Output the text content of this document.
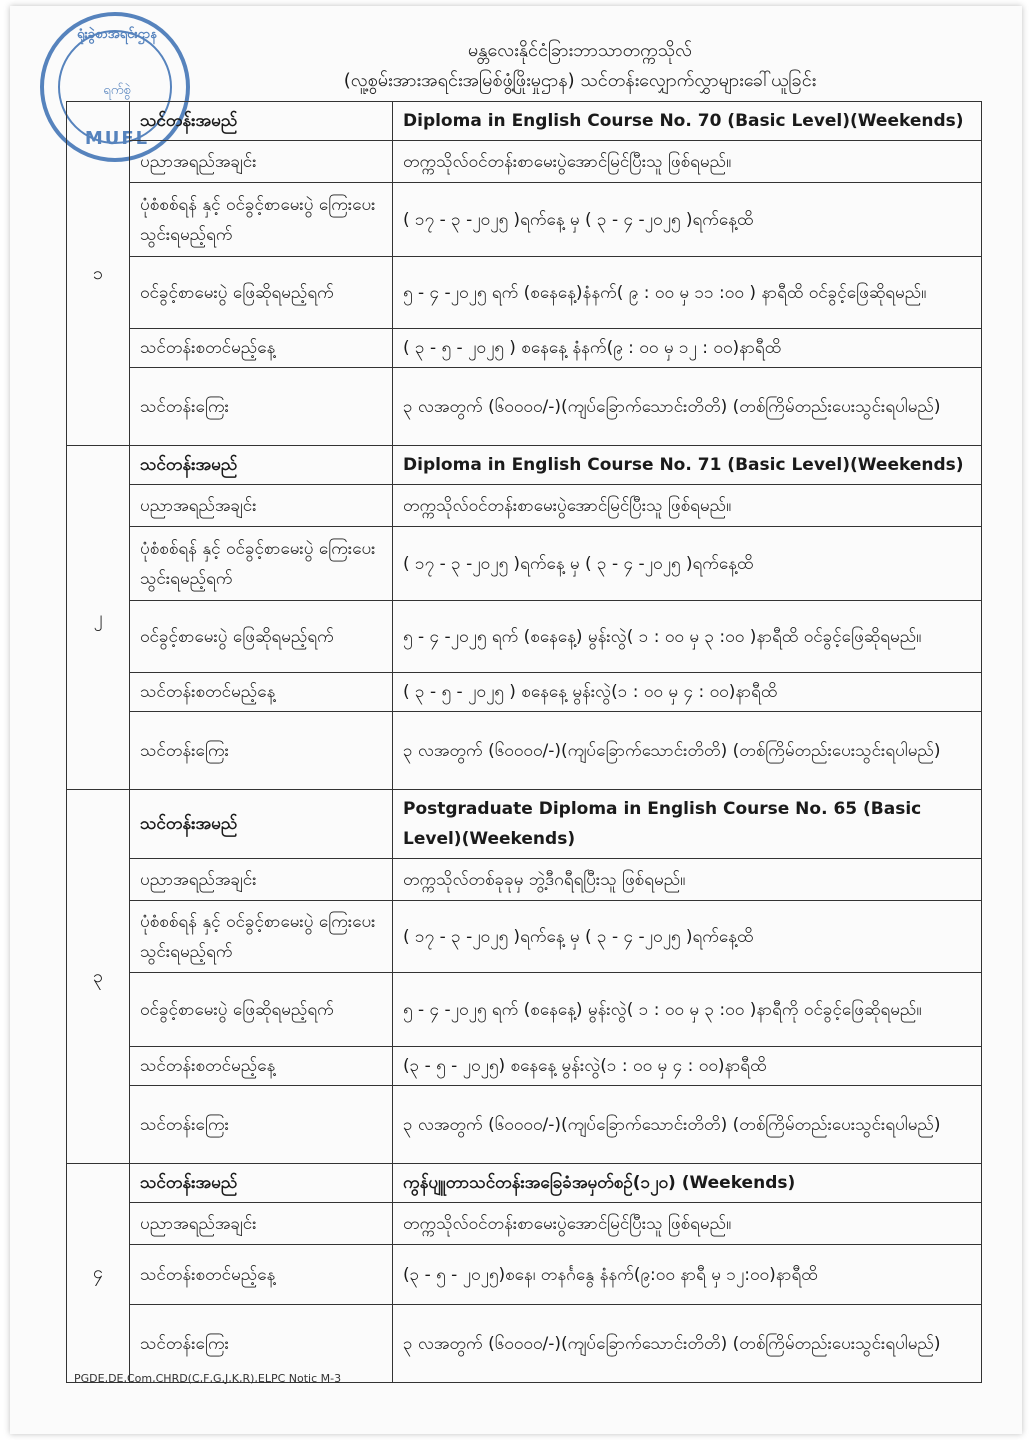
ရုံးခွဲစာအရင်းဌာန
ရက်စွဲ
MUFL
မန္တလေးနိုင်ငံခြားဘာသာတက္ကသိုလ်
(လူ့စွမ်းအားအရင်းအမြစ်ဖွံ့ဖြိုးမှုဌာန) သင်တန်းလျှောက်လွှာများခေါ်ယူခြင်း
၁	သင်တန်းအမည်	Diploma in English Course No. 70 (Basic Level)(Weekends)
	ပညာအရည်အချင်း	တက္ကသိုလ်ဝင်တန်းစာမေးပွဲအောင်မြင်ပြီးသူ ဖြစ်ရမည်။
	ပုံစံစစ်ရန် နှင့် ဝင်ခွင့်စာမေးပွဲ ကြေးပေးသွင်းရမည့်ရက်	( ၁၇ - ၃ -၂၀၂၅ )ရက်နေ့ မှ ( ၃ - ၄ -၂၀၂၅ )ရက်နေ့ထိ
	ဝင်ခွင့်စာမေးပွဲ ဖြေဆိုရမည့်ရက်	၅ - ၄ -၂၀၂၅ ရက် (စနေနေ့)နံနက်( ၉ : ၀၀ မှ ၁၁ :၀၀ ) နာရီထိ ဝင်ခွင့်ဖြေဆိုရမည်။
	သင်တန်းစတင်မည့်နေ့	( ၃ - ၅ - ၂၀၂၅ ) စနေနေ့ နံနက်(၉ : ၀၀ မှ ၁၂ : ၀၀)နာရီထိ
	သင်တန်းကြေး	၃ လအတွက် (၆၀၀၀၀/-)(ကျပ်ခြောက်သောင်းတိတိ) (တစ်ကြိမ်တည်းပေးသွင်းရပါမည်)
၂	သင်တန်းအမည်	Diploma in English Course No. 71 (Basic Level)(Weekends)
	ပညာအရည်အချင်း	တက္ကသိုလ်ဝင်တန်းစာမေးပွဲအောင်မြင်ပြီးသူ ဖြစ်ရမည်။
	ပုံစံစစ်ရန် နှင့် ဝင်ခွင့်စာမေးပွဲ ကြေးပေးသွင်းရမည့်ရက်	( ၁၇ - ၃ -၂၀၂၅ )ရက်နေ့ မှ ( ၃ - ၄ -၂၀၂၅ )ရက်နေ့ထိ
	ဝင်ခွင့်စာမေးပွဲ ဖြေဆိုရမည့်ရက်	၅ - ၄ -၂၀၂၅ ရက် (စနေနေ့) မွန်းလွဲ( ၁ : ၀၀ မှ ၃ :၀၀ )နာရီထိ ဝင်ခွင့်ဖြေဆိုရမည်။
	သင်တန်းစတင်မည့်နေ့	( ၃ - ၅ - ၂၀၂၅ ) စနေနေ့ မွန်းလွဲ(၁ : ၀၀ မှ ၄ : ၀၀)နာရီထိ
	သင်တန်းကြေး	၃ လအတွက် (၆၀၀၀၀/-)(ကျပ်ခြောက်သောင်းတိတိ) (တစ်ကြိမ်တည်းပေးသွင်းရပါမည်)
၃	သင်တန်းအမည်	Postgraduate Diploma in English Course No. 65 (Basic Level)(Weekends)
	ပညာအရည်အချင်း	တက္ကသိုလ်တစ်ခုခုမှ ဘွဲ့ဒီဂရီရပြီးသူ ဖြစ်ရမည်။
	ပုံစံစစ်ရန် နှင့် ဝင်ခွင့်စာမေးပွဲ ကြေးပေးသွင်းရမည့်ရက်	( ၁၇ - ၃ -၂၀၂၅ )ရက်နေ့ မှ ( ၃ - ၄ -၂၀၂၅ )ရက်နေ့ထိ
	ဝင်ခွင့်စာမေးပွဲ ဖြေဆိုရမည့်ရက်	၅ - ၄ -၂၀၂၅ ရက် (စနေနေ့) မွန်းလွဲ( ၁ : ၀၀ မှ ၃ :၀၀ )နာရီကို ဝင်ခွင့်ဖြေဆိုရမည်။
	သင်တန်းစတင်မည့်နေ့	(၃ - ၅ - ၂၀၂၅) စနေနေ့ မွန်းလွဲ(၁ : ၀၀ မှ ၄ : ၀၀)နာရီထိ
	သင်တန်းကြေး	၃ လအတွက် (၆၀၀၀၀/-)(ကျပ်ခြောက်သောင်းတိတိ) (တစ်ကြိမ်တည်းပေးသွင်းရပါမည်)
၄	သင်တန်းအမည်	ကွန်ပျူတာသင်တန်းအခြေခံအမှတ်စဉ်(၁၂၀) (Weekends)
	ပညာအရည်အချင်း	တက္ကသိုလ်ဝင်တန်းစာမေးပွဲအောင်မြင်ပြီးသူ ဖြစ်ရမည်။
	သင်တန်းစတင်မည့်နေ့	(၃ - ၅ - ၂၀၂၅)စနေ၊ တနင်္ဂနွေ နံနက်(၉:၀၀ နာရီ မှ ၁၂:၀၀)နာရီထိ
	သင်တန်းကြေး	၃ လအတွက် (၆၀၀၀၀/-)(ကျပ်ခြောက်သောင်းတိတိ) (တစ်ကြိမ်တည်းပေးသွင်းရပါမည်)
PGDE,DE,Com,CHRD(C,F,G,J,K,R),ELPC Notic M-3
